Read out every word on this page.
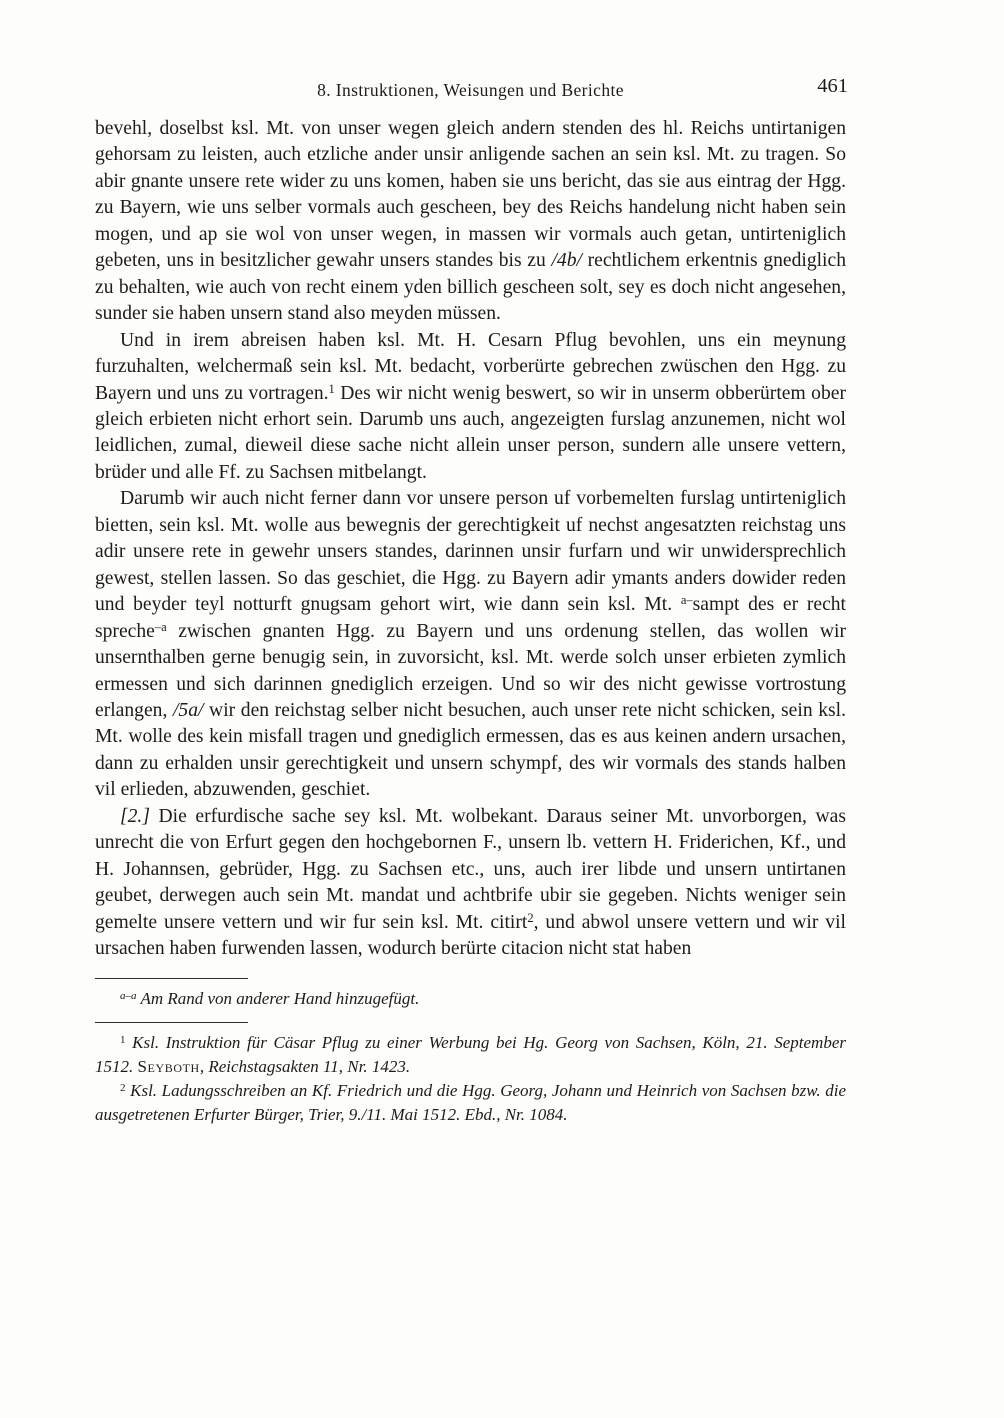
8. Instruktionen, Weisungen und Berichte	461

bevehl, doselbst ksl. Mt. von unser wegen gleich andern stenden des hl. Reichs untirtanigen gehorsam zu leisten, auch etzliche ander unsir anligende sachen an sein ksl. Mt. zu tragen. So abir gnante unsere rete wider zu uns komen, haben sie uns bericht, das sie aus eintrag der Hgg. zu Bayern, wie uns selber vormals auch gescheen, bey des Reichs handelung nicht haben sein mogen, und ap sie wol von unser wegen, in massen wir vormals auch getan, untirteniglich gebeten, uns in besitzlicher gewahr unsers standes bis zu /4b/ rechtlichem erkentnis gnediglich zu behalten, wie auch von recht einem yden billich gescheen solt, sey es doch nicht angesehen, sunder sie haben unsern stand also meyden müssen.

Und in irem abreisen haben ksl. Mt. H. Cesarn Pflug bevohlen, uns ein meynung furzuhalten, welchermaß sein ksl. Mt. bedacht, vorberürte gebrechen zwüschen den Hgg. zu Bayern und uns zu vortragen.$^1$ Des wir nicht wenig beswert, so wir in unserm obberürtem ober gleich erbieten nicht erhort sein. Darumb uns auch, angezeigten furslag anzunemen, nicht wol leidlichen, zumal, dieweil diese sache nicht allein unser person, sundern alle unsere vettern, brüder und alle Ff. zu Sachsen mitbelangt.

Darumb wir auch nicht ferner dann vor unsere person uf vorbemelten furslag untirteniglich bietten, sein ksl. Mt. wolle aus bewegnis der gerechtigkeit uf nechst angesatzten reichstag uns adir unsere rete in gewehr unsers standes, darinnen unsir furfarn und wir unwidersprechlich gewest, stellen lassen. So das geschiet, die Hgg. zu Bayern adir ymants anders dowider reden und beyder teyl notturft gnugsam gehort wirt, wie dann sein ksl. Mt. $^{a-}$sampt des er recht spreche$^{-a}$ zwischen gnanten Hgg. zu Bayern und uns ordenung stellen, das wollen wir unsernthalben gerne benugig sein, in zuvorsicht, ksl. Mt. werde solch unser erbieten zymlich ermessen und sich darinnen gnediglich erzeigen. Und so wir des nicht gewisse vortrostung erlangen, /5a/ wir den reichstag selber nicht besuchen, auch unser rete nicht schicken, sein ksl. Mt. wolle des kein misfall tragen und gnediglich ermessen, das es aus keinen andern ursachen, dann zu erhalden unsir gerechtigkeit und unsern schympf, des wir vormals des stands halben vil erlieden, abzuwenden, geschiet.

[2.] Die erfurdische sache sey ksl. Mt. wolbekant. Daraus seiner Mt. unvorborgen, was unrecht die von Erfurt gegen den hochgebornen F., unsern lb. vettern H. Friderichen, Kf., und H. Johannsen, gebrüder, Hgg. zu Sachsen etc., uns, auch irer libde und unsern untirtanen geubet, derwegen auch sein Mt. mandat und achtbrife ubir sie gegeben. Nichts weniger sein gemelte unsere vettern und wir fur sein ksl. Mt. citirt$^2$, und abwol unsere vettern und wir vil ursachen haben furwenden lassen, wodurch berürte citacion nicht stat haben

$^{a-a}$ Am Rand von anderer Hand hinzugefügt.

$^1$ Ksl. Instruktion für Cäsar Pflug zu einer Werbung bei Hg. Georg von Sachsen, Köln, 21. September 1512. Seyboth, Reichstagsakten 11, Nr. 1423.

$^2$ Ksl. Ladungsschreiben an Kf. Friedrich und die Hgg. Georg, Johann und Heinrich von Sachsen bzw. die ausgetretenen Erfurter Bürger, Trier, 9./11. Mai 1512. Ebd., Nr. 1084.
